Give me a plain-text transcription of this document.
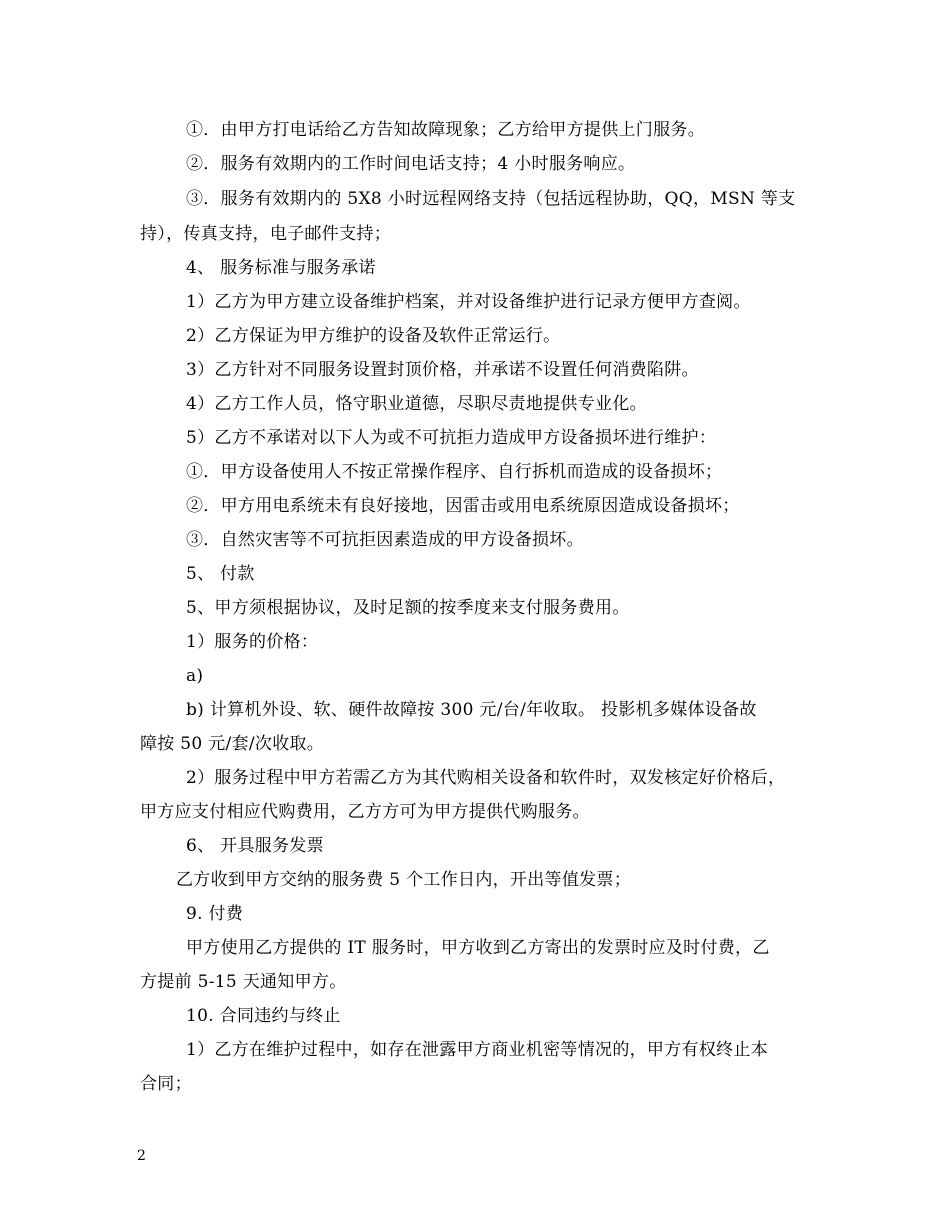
①．由甲方打电话给乙方告知故障现象；乙方给甲方提供上门服务。
②．服务有效期内的工作时间电话支持；4 小时服务响应。
③．服务有效期内的 5X8 小时远程网络支持（包括远程协助，QQ，MSN 等支
持），传真支持，电子邮件支持；
4、 服务标准与服务承诺
1）乙方为甲方建立设备维护档案，并对设备维护进行记录方便甲方查阅。
2）乙方保证为甲方维护的设备及软件正常运行。
3）乙方针对不同服务设置封顶价格，并承诺不设置任何消费陷阱。
4）乙方工作人员，恪守职业道德，尽职尽责地提供专业化。
5）乙方不承诺对以下人为或不可抗拒力造成甲方设备损坏进行维护：
①．甲方设备使用人不按正常操作程序、自行拆机而造成的设备损坏；
②．甲方用电系统未有良好接地，因雷击或用电系统原因造成设备损坏；
③．自然灾害等不可抗拒因素造成的甲方设备损坏。
5、 付款
5、甲方须根据协议，及时足额的按季度来支付服务费用。
1）服务的价格：
a)
b) 计算机外设、软、硬件故障按 300 元/台/年收取。 投影机多媒体设备故
障按 50 元/套/次收取。
2）服务过程中甲方若需乙方为其代购相关设备和软件时，双发核定好价格后，
甲方应支付相应代购费用，乙方方可为甲方提供代购服务。
6、 开具服务发票
乙方收到甲方交纳的服务费 5 个工作日内，开出等值发票；
9. 付费
甲方使用乙方提供的 IT 服务时，甲方收到乙方寄出的发票时应及时付费，乙
方提前 5-15 天通知甲方。
10. 合同违约与终止
1）乙方在维护过程中，如存在泄露甲方商业机密等情况的，甲方有权终止本
合同；
2
